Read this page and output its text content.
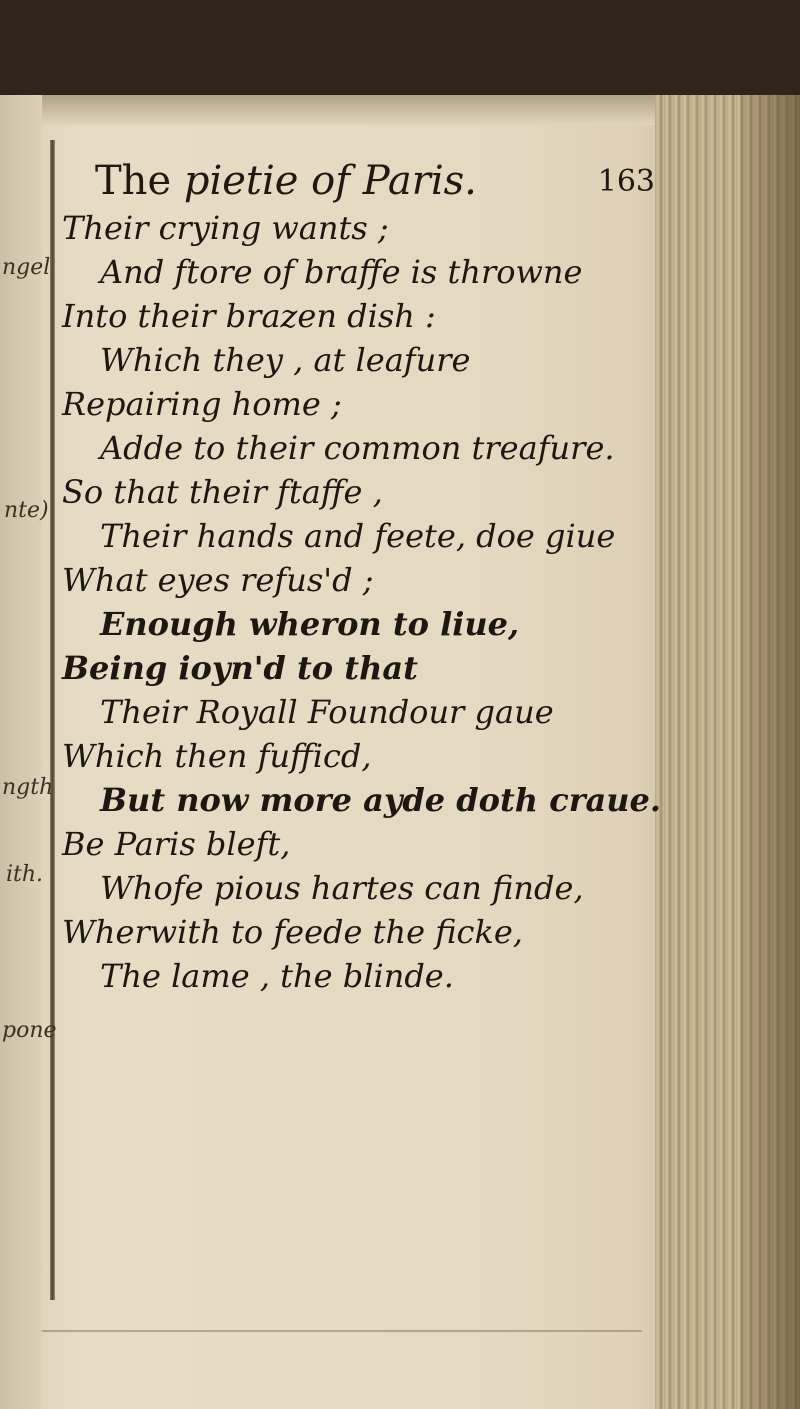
ngel
nte)
ngth
ith.
pone
The pietie of Paris.	163
Their crying wants ;
And ftore of braffe is throwne
Into their brazen dish :
Which they , at leafure
Repairing home ;
Adde to their common treafure.
So that their ftaffe ,
Their hands and feete, doe giue
What eyes refus'd ;
Enough wheron to liue,
Being ioyn'd to that
Their Royall Foundour gaue
Which then fufficd,
But now more ayde doth craue.
Be Paris bleft,
Whofe pious hartes can finde,
Wherwith to feede the ficke,
The lame , the blinde.
